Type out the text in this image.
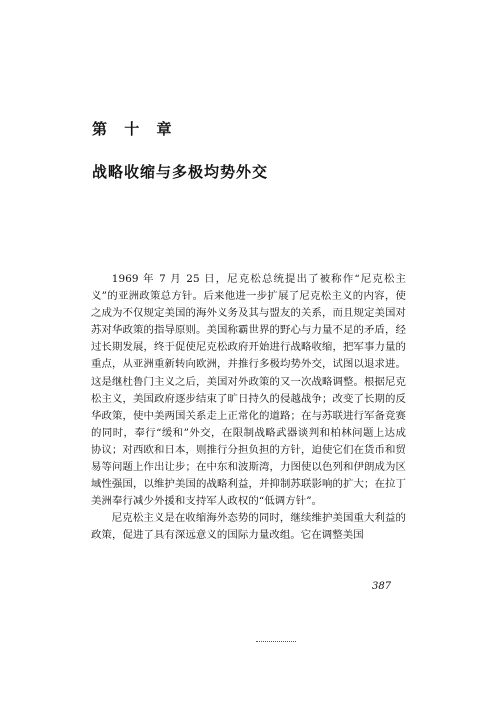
第 十 章
战略收缩与多极均势外交

1969 年 7 月 25 日，尼克松总统提出了被称作“尼克松主义”的亚洲政策总方针。后来他进一步扩展了尼克松主义的内容，使之成为不仅规定美国的海外义务及其与盟友的关系，而且规定美国对苏对华政策的指导原则。美国称霸世界的野心与力量不足的矛盾，经过长期发展，终于促使尼克松政府开始进行战略收缩，把军事力量的重点，从亚洲重新转向欧洲，并推行多极均势外交，试图以退求进。这是继杜鲁门主义之后，美国对外政策的又一次战略调整。根据尼克松主义，美国政府逐步结束了旷日持久的侵越战争；改变了长期的反华政策，使中美两国关系走上正常化的道路；在与苏联进行军备竞赛的同时，奉行“缓和”外交，在限制战略武器谈判和柏林问题上达成协议；对西欧和日本，则推行分担负担的方针，迫使它们在货币和贸易等问题上作出让步；在中东和波斯湾，力图使以色列和伊朗成为区域性强国，以维护美国的战略利益，并抑制苏联影响的扩大；在拉丁美洲奉行减少外援和支持军人政权的“低调方针”。

尼克松主义是在收缩海外态势的同时，继续维护美国重大利益的政策，促进了具有深远意义的国际力量改组。它在调整美国

387
